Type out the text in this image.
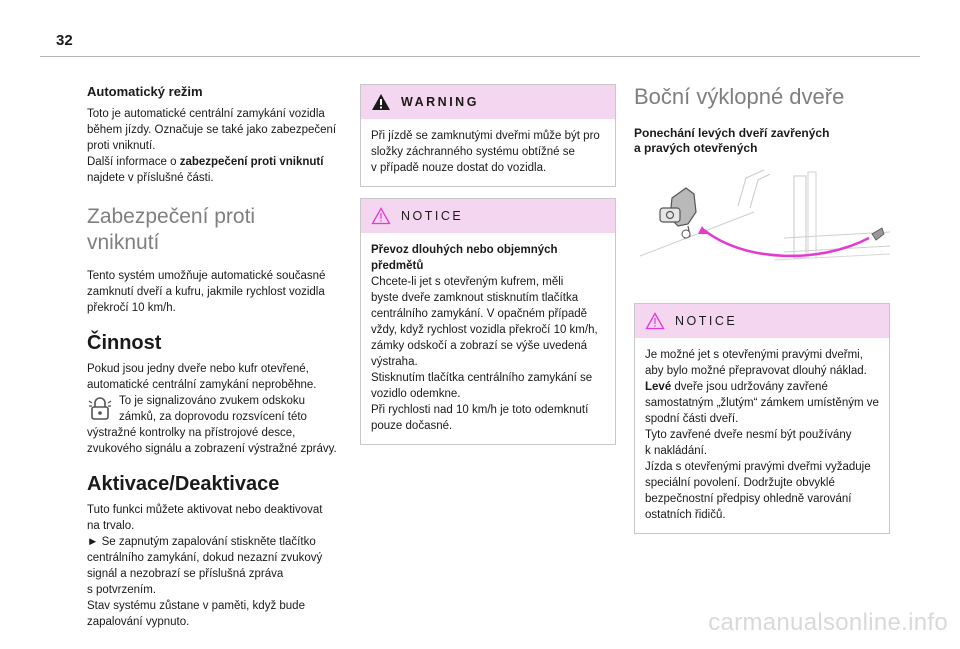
32
Automatický režim
Toto je automatické centrální zamykání vozidla
během jízdy. Označuje se také jako zabezpečení
proti vniknutí.
Další informace o zabezpečení proti vniknutí
najdete v příslušné části.
Zabezpečení proti
vniknutí
Tento systém umožňuje automatické současné
zamknutí dveří a kufru, jakmile rychlost vozidla
překročí 10 km/h.
Činnost
Pokud jsou jedny dveře nebo kufr otevřené,
automatické centrální zamykání neproběhne.
To je signalizováno zvukem odskoku
zámků, za doprovodu rozsvícení této
výstražné kontrolky na přístrojové desce,
zvukového signálu a zobrazení výstražné zprávy.
Aktivace/Deaktivace
Tuto funkci můžete aktivovat nebo deaktivovat
na trvalo.
► Se zapnutým zapalování stiskněte tlačítko
centrálního zamykání, dokud nezazní zvukový
signál a nezobrazí se příslušná zpráva
s potvrzením.
Stav systému zůstane v paměti, když bude
zapalování vypnuto.
WARNING
Při jízdě se zamknutými dveřmi může být pro
složky záchranného systému obtížné se
v případě nouze dostat do vozidla.
NOTICE
Převoz dlouhých nebo objemných
předmětů
Chcete-li jet s otevřeným kufrem, měli
byste dveře zamknout stisknutím tlačítka
centrálního zamykání. V opačném případě
vždy, když rychlost vozidla překročí 10 km/h,
zámky odskočí a zobrazí se výše uvedená
výstraha.
Stisknutím tlačítka centrálního zamykání se
vozidlo odemkne.
Při rychlosti nad 10 km/h je toto odemknutí
pouze dočasné.
Boční výklopné dveře
Ponechání levých dveří zavřených
a pravých otevřených
NOTICE
Je možné jet s otevřenými pravými dveřmi,
aby bylo možné přepravovat dlouhý náklad.
Levé dveře jsou udržovány zavřené
samostatným „žlutým“ zámkem umístěným ve
spodní části dveří.
Tyto zavřené dveře nesmí být používány
k nakládání.
Jízda s otevřenými pravými dveřmi vyžaduje
speciální povolení. Dodržujte obvyklé
bezpečnostní předpisy ohledně varování
ostatních řidičů.
carmanualsonline.info
